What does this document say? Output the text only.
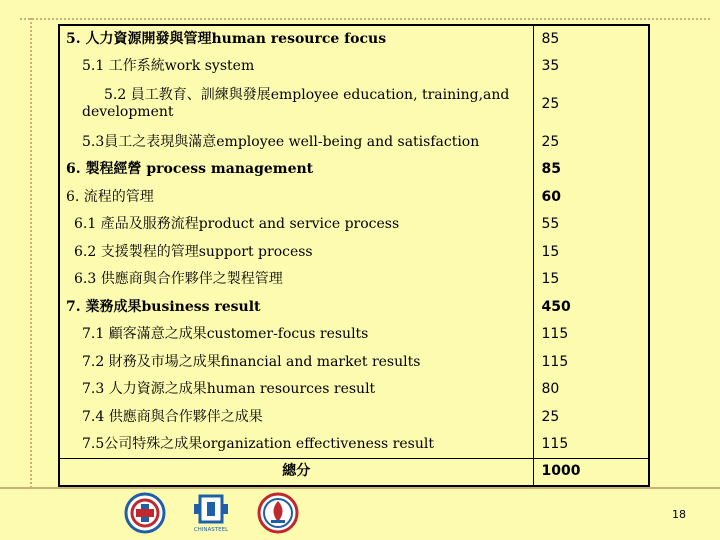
5. 人力資源開發與管理human resource focus	85
5.1 工作系統work system	35
5.2 員工教育、訓練與發展employee education, training,and development	25
5.3員工之表現與滿意employee well-being and satisfaction	25
6. 製程經營 process management	85
6. 流程的管理	60
6.1 產品及服務流程product and service process	55
6.2 支援製程的管理support process	15
6.3 供應商與合作夥伴之製程管理	15
7. 業務成果business result	450
7.1 顧客滿意之成果customer-focus results	115
7.2 財務及市場之成果financial and market results	115
7.3 人力資源之成果human resources result	80
7.4 供應商與合作夥伴之成果	25
7.5公司特殊之成果organization effectiveness result	115
總分	1000
CHINASTEEL
18
